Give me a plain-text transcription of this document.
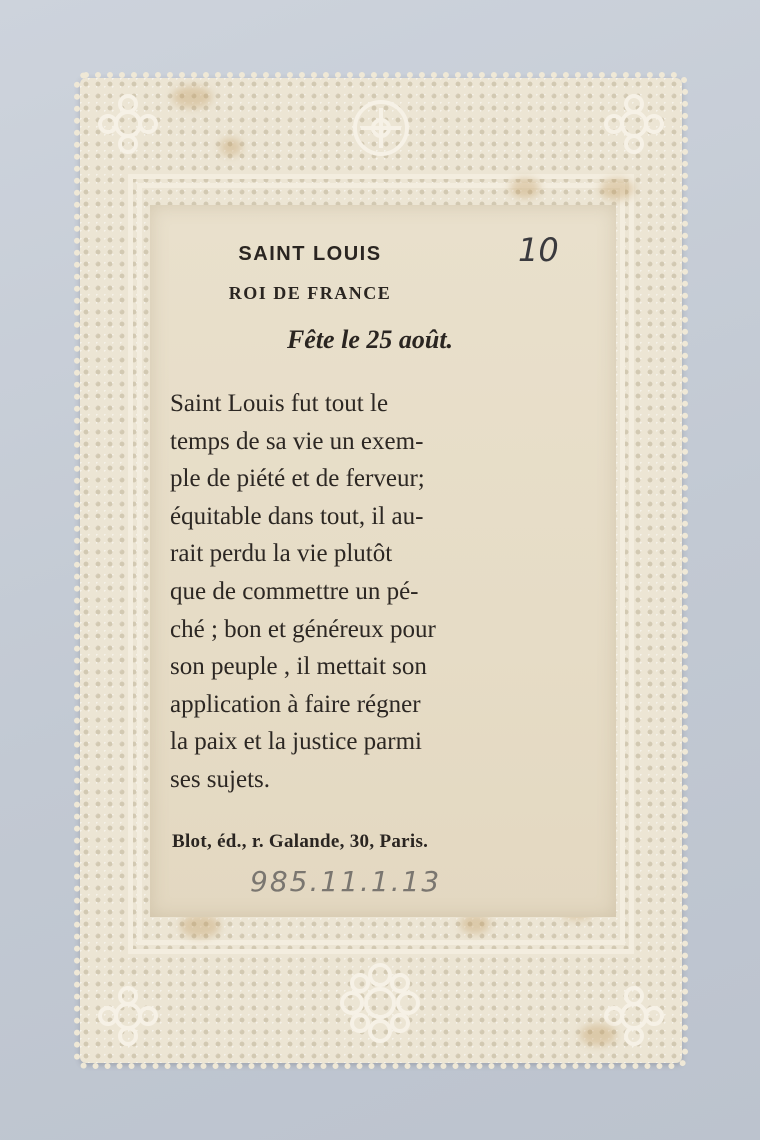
SAINT LOUIS	10
ROI DE FRANCE
Fête le 25 août.

Saint Louis fut tout le
temps de sa vie un exem-
ple de piété et de ferveur;
équitable dans tout, il au-
rait perdu la vie plutôt
que de commettre un pé-
ché ; bon et généreux pour
son peuple , il mettait son
application à faire régner
la paix et la justice parmi
ses sujets.

Blot, éd., r. Galande, 30, Paris.
985.11.1.13
